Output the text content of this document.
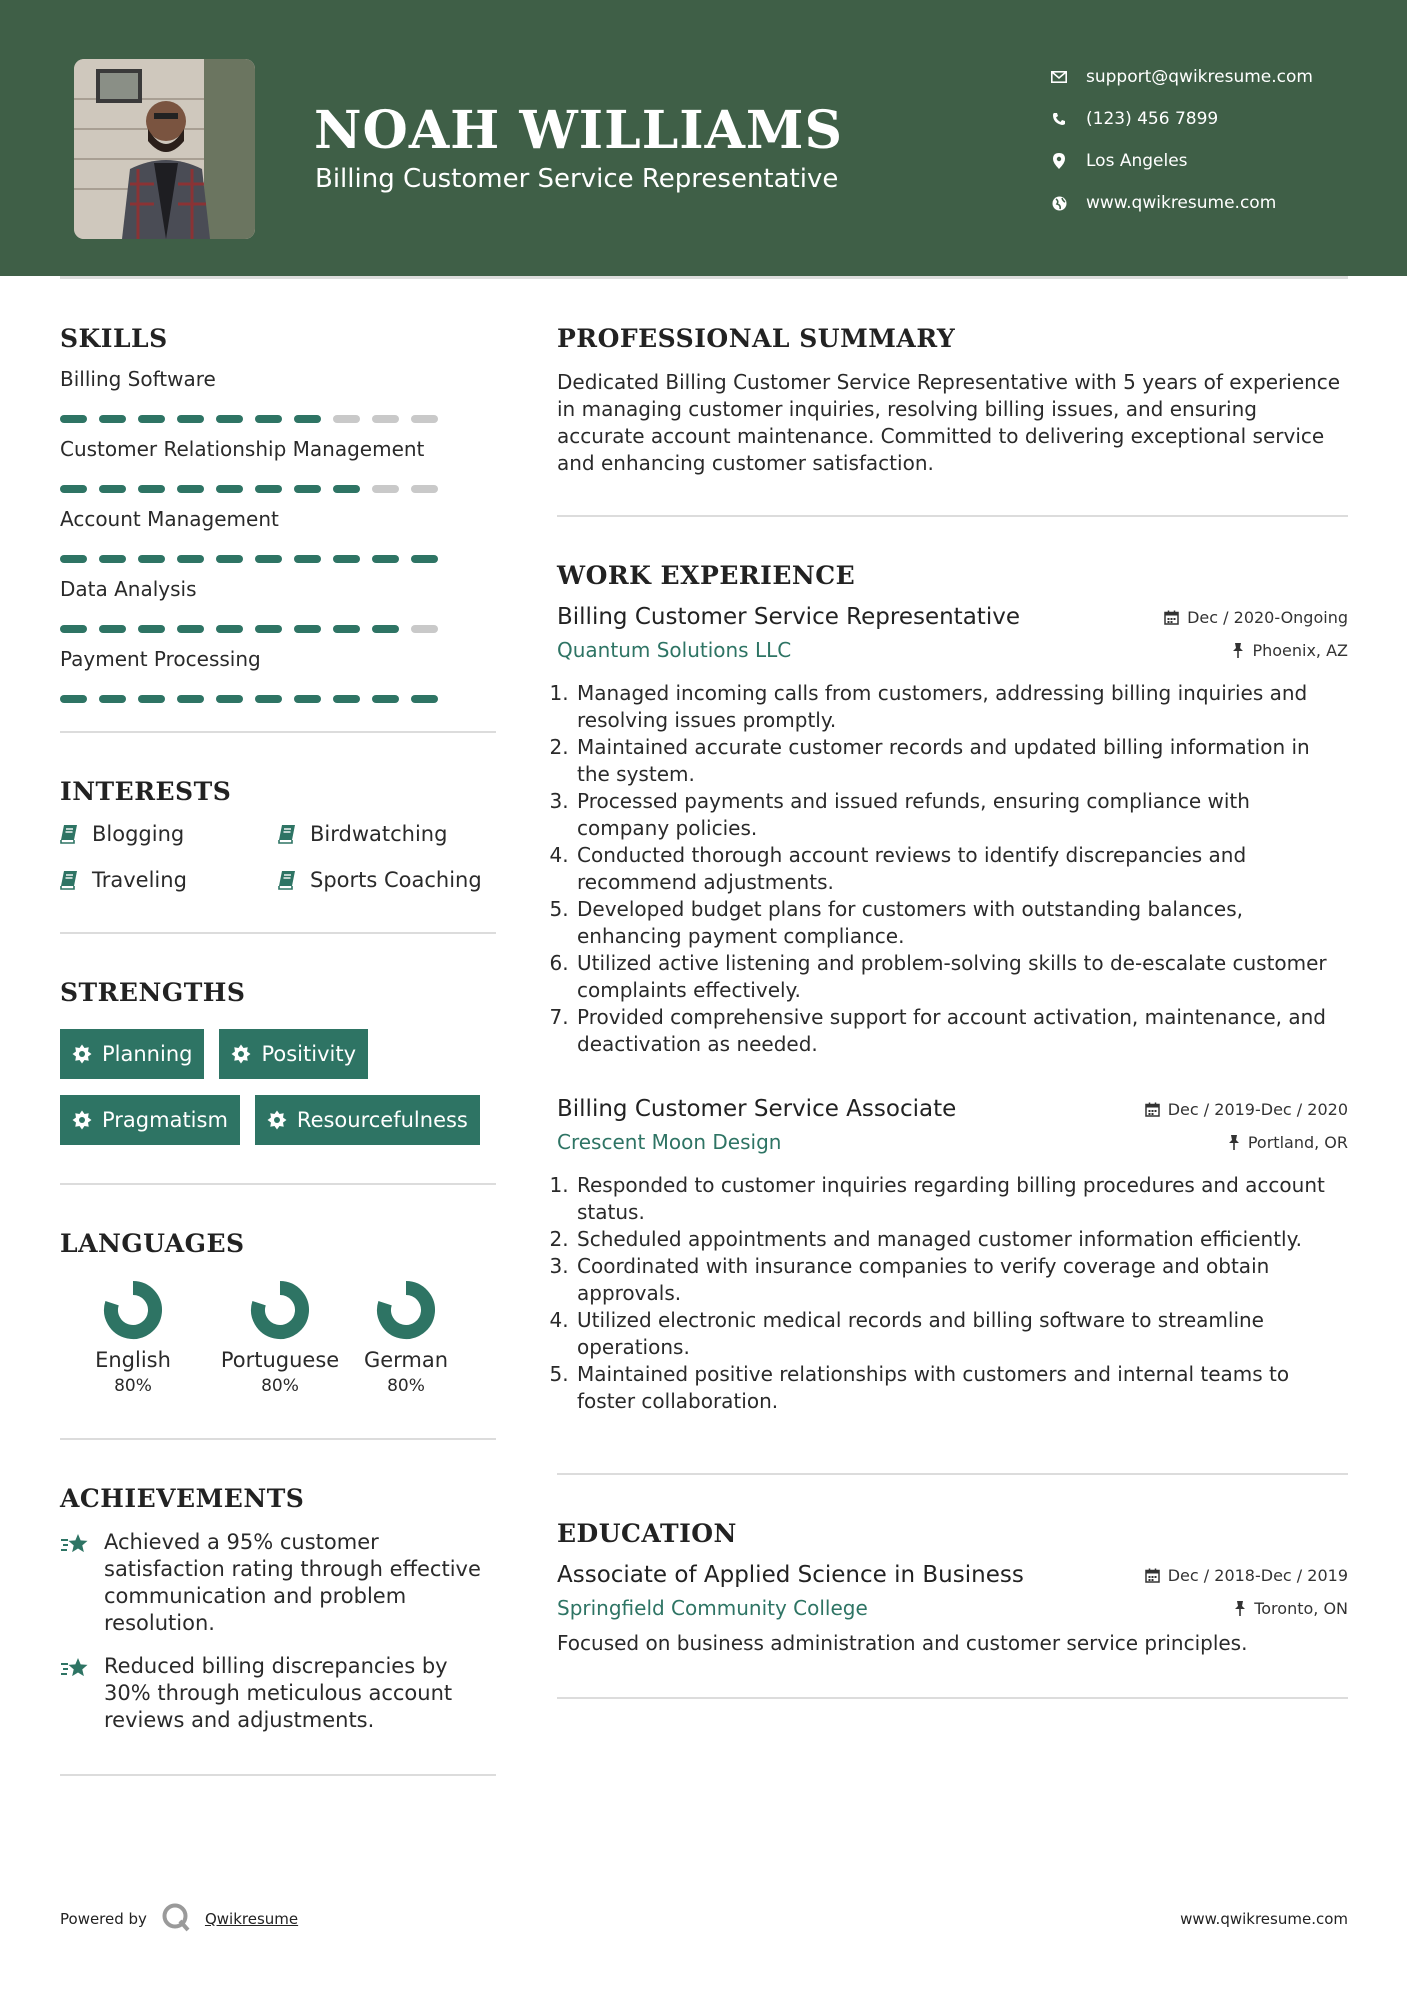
NOAH WILLIAMS
Billing Customer Service Representative
support@qwikresume.com
(123) 456 7899
Los Angeles
www.qwikresume.com
SKILLS
Billing Software
Customer Relationship Management
Account Management
Data Analysis
Payment Processing
INTERESTS
Blogging	Birdwatching
Traveling	Sports Coaching
STRENGTHS
Planning	Positivity
Pragmatism	Resourcefulness
LANGUAGES
English
80%
Portuguese
80%
German
80%
ACHIEVEMENTS
Achieved a 95% customer satisfaction rating through effective communication and problem resolution.
Reduced billing discrepancies by 30% through meticulous account reviews and adjustments.
PROFESSIONAL SUMMARY
Dedicated Billing Customer Service Representative with 5 years of experience in managing customer inquiries, resolving billing issues, and ensuring accurate account maintenance. Committed to delivering exceptional service and enhancing customer satisfaction.
WORK EXPERIENCE
Billing Customer Service Representative	Dec / 2020-Ongoing
Quantum Solutions LLC	Phoenix, AZ
1. Managed incoming calls from customers, addressing billing inquiries and resolving issues promptly.
2. Maintained accurate customer records and updated billing information in the system.
3. Processed payments and issued refunds, ensuring compliance with company policies.
4. Conducted thorough account reviews to identify discrepancies and recommend adjustments.
5. Developed budget plans for customers with outstanding balances, enhancing payment compliance.
6. Utilized active listening and problem-solving skills to de-escalate customer complaints effectively.
7. Provided comprehensive support for account activation, maintenance, and deactivation as needed.
Billing Customer Service Associate	Dec / 2019-Dec / 2020
Crescent Moon Design	Portland, OR
1. Responded to customer inquiries regarding billing procedures and account status.
2. Scheduled appointments and managed customer information efficiently.
3. Coordinated with insurance companies to verify coverage and obtain approvals.
4. Utilized electronic medical records and billing software to streamline operations.
5. Maintained positive relationships with customers and internal teams to foster collaboration.
EDUCATION
Associate of Applied Science in Business	Dec / 2018-Dec / 2019
Springfield Community College	Toronto, ON
Focused on business administration and customer service principles.
Powered by	Qwikresume	www.qwikresume.com
